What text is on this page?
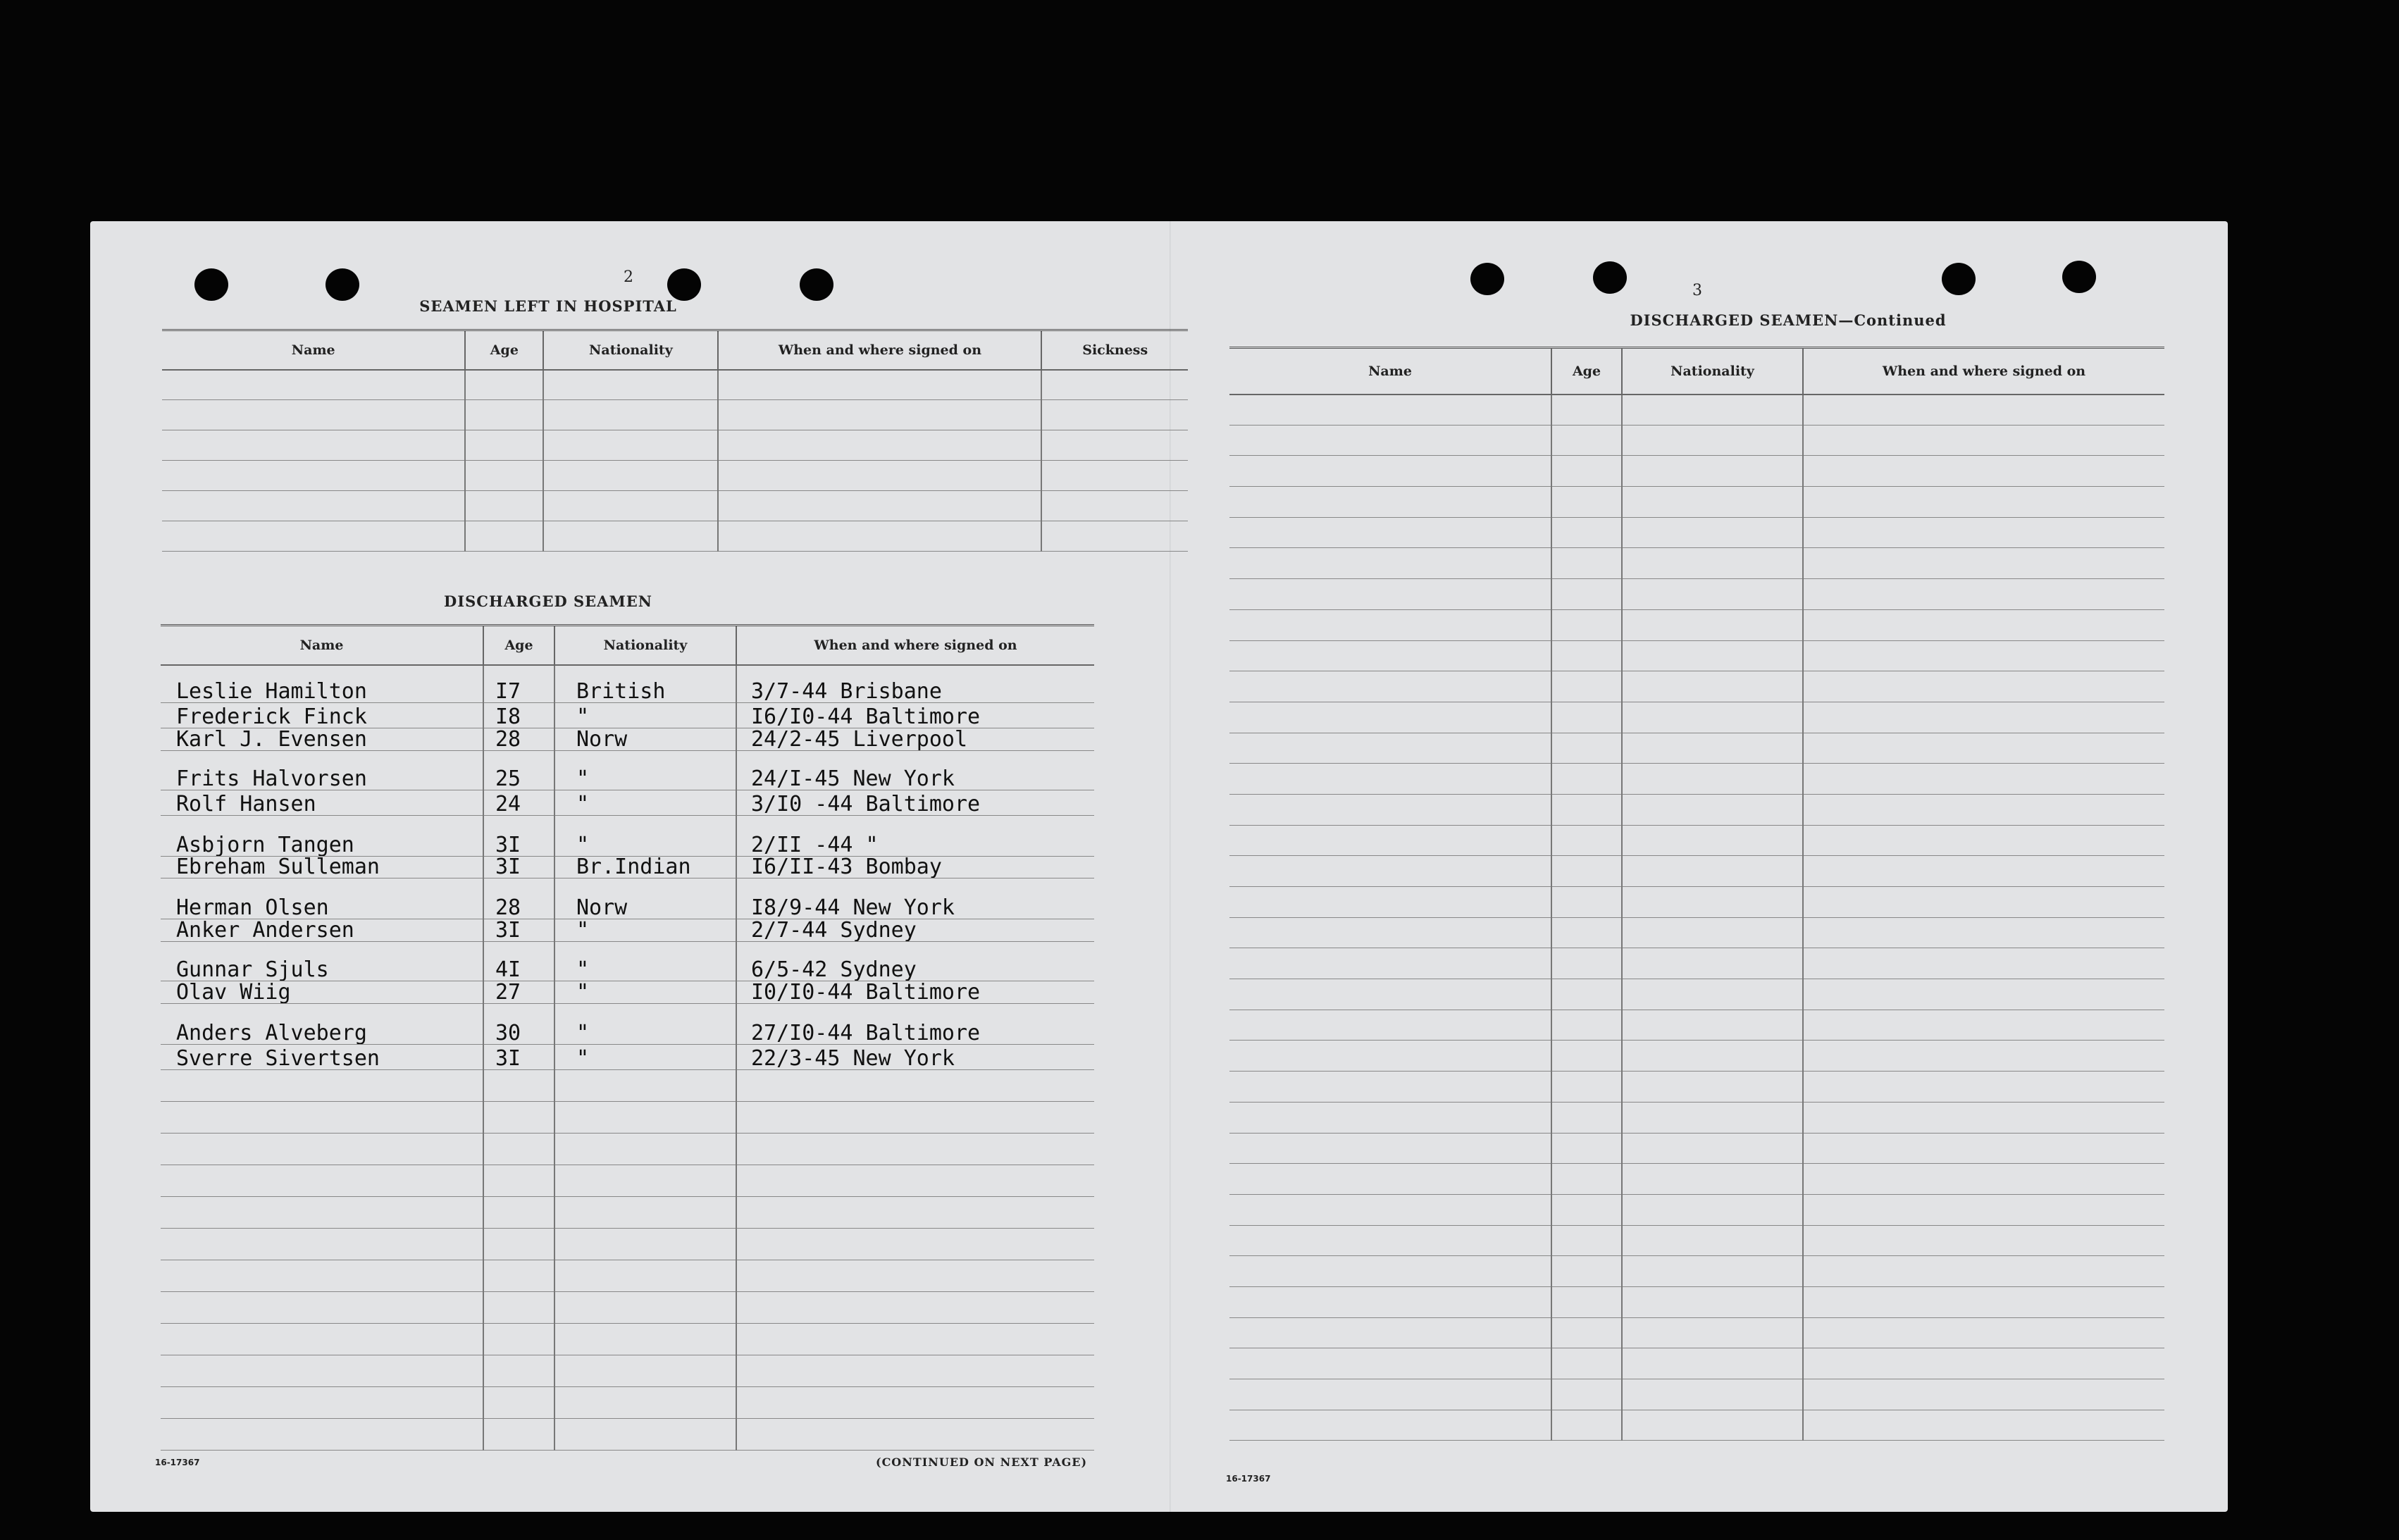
2
SEAMEN LEFT IN HOSPITAL
Name	Age	Nationality	When and where signed on	Sickness

DISCHARGED SEAMEN
Name	Age	Nationality	When and where signed on
Leslie Hamilton	I7	British	3/7-44 Brisbane
Frederick Finck	I8	"	I6/I0-44 Baltimore
Karl J. Evensen	28	Norw	24/2-45 Liverpool
Frits Halvorsen	25	"	24/I-45 New York
Rolf Hansen	24	"	3/I0 -44 Baltimore
Asbjorn Tangen	3I	"	2/II -44 "
Ebreham Sulleman	3I	Br.Indian	I6/II-43 Bombay
Herman Olsen	28	Norw	I8/9-44 New York
Anker Andersen	3I	"	2/7-44 Sydney
Gunnar Sjuls	4I	"	6/5-42 Sydney
Olav Wiig	27	"	I0/I0-44 Baltimore
Anders Alveberg	30	"	27/I0-44 Baltimore
Sverre Sivertsen	3I	"	22/3-45 New York

16-17367	(CONTINUED ON NEXT PAGE)
3
DISCHARGED SEAMEN—Continued
Name	Age	Nationality	When and where signed on

16-17367
